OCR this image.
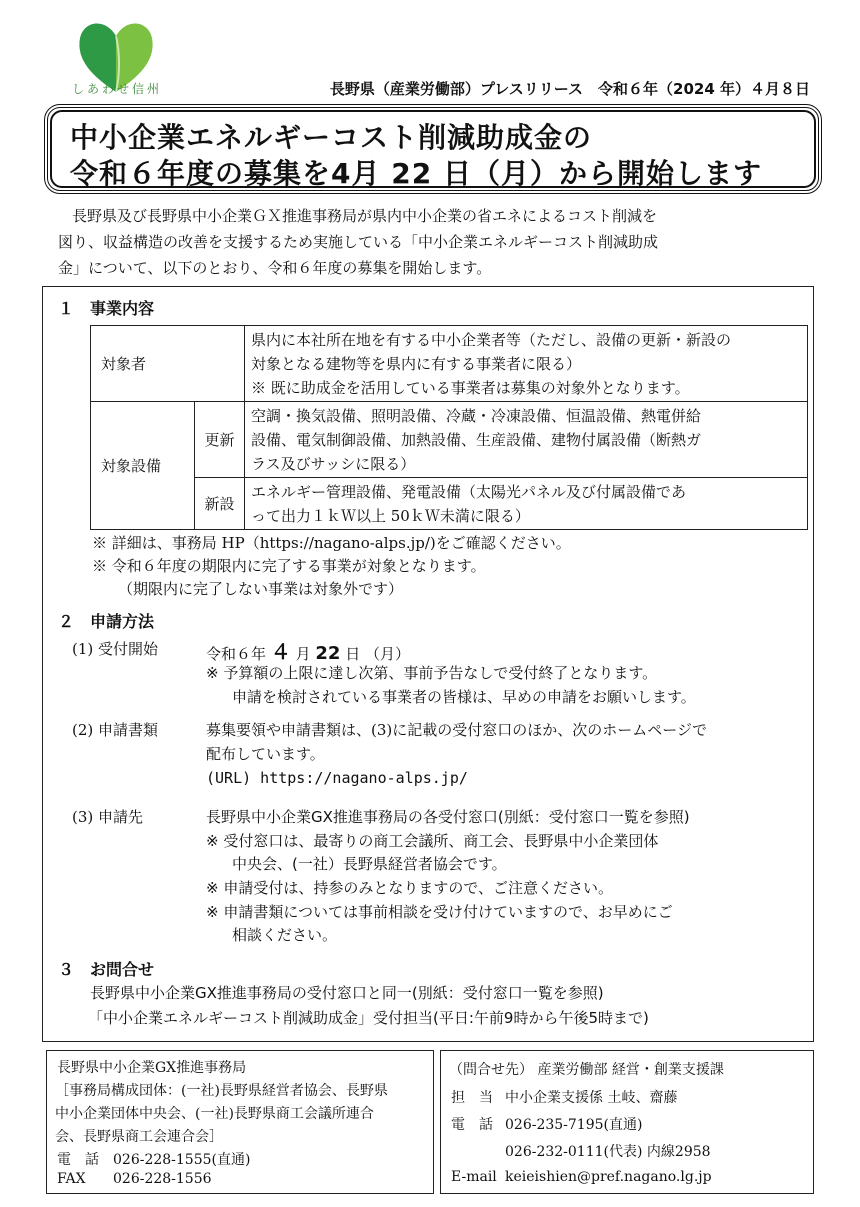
しあわせ信州	長野県（産業労働部）プレスリリース　令和６年（2024 年）４月８日
中小企業エネルギーコスト削減助成金の
令和６年度の募集を4月 22 日（月）から開始します
長野県及び長野県中小企業ＧＸ推進事務局が県内中小企業の省エネによるコスト削減を
図り、収益構造の改善を支援するため実施している「中小企業エネルギーコスト削減助成
金」について、以下のとおり、令和６年度の募集を開始します。
１　事業内容
対象者		県内に本社所在地を有する中小企業者等（ただし、設備の更新・新設の
対象となる建物等を県内に有する事業者に限る）
※ 既に助成金を活用している事業者は募集の対象外となります。

対象設備	更新	空調・換気設備、照明設備、冷蔵・冷凍設備、恒温設備、熱電併給
設備、電気制御設備、加熱設備、生産設備、建物付属設備（断熱ガ
ラス及びサッシに限る）

	新設	エネルギー管理設備、発電設備（太陽光パネル及び付属設備であ
って出力１ｋＷ以上 50ｋＷ未満に限る）
※ 詳細は、事務局 HP（https://nagano-alps.jp/)をご確認ください。
※ 令和６年度の期限内に完了する事業が対象となります。
（期限内に完了しない事業は対象外です）
２　申請方法
(1) 受付開始	令和６年 ４ 月 22 日 （月）
※ 予算額の上限に達し次第、事前予告なしで受付終了となります。
申請を検討されている事業者の皆様は、早めの申請をお願いします。
(2) 申請書類	募集要領や申請書類は、(3)に記載の受付窓口のほか、次のホームページで
配布しています。
(URL) https://nagano-alps.jp/
(3) 申請先	長野県中小企業GX推進事務局の各受付窓口(別紙：受付窓口一覧を参照)
※ 受付窓口は、最寄りの商工会議所、商工会、長野県中小企業団体
中央会、(一社）長野県経営者協会です。
※ 申請受付は、持参のみとなりますので、ご注意ください。
※ 申請書類については事前相談を受け付けていますので、お早めにご
相談ください。
３　お問合せ
長野県中小企業GX推進事務局の受付窓口と同一(別紙：受付窓口一覧を参照)
「中小企業エネルギーコスト削減助成金」受付担当(平日:午前9時から午後5時まで)
長野県中小企業GX推進事務局
［事務局構成団体：(一社)長野県経営者協会、長野県
中小企業団体中央会、(一社)長野県商工会議所連合
会、長野県商工会連合会］
電　話 026-228-1555(直通)
FAX 026-228-1556
（問合せ先） 産業労働部 経営・創業支援課
担　当 中小企業支援係 土岐、齋藤
電　話 026-235-7195(直通)
026-232-0111(代表) 内線2958
E-mail keieishien@pref.nagano.lg.jp
